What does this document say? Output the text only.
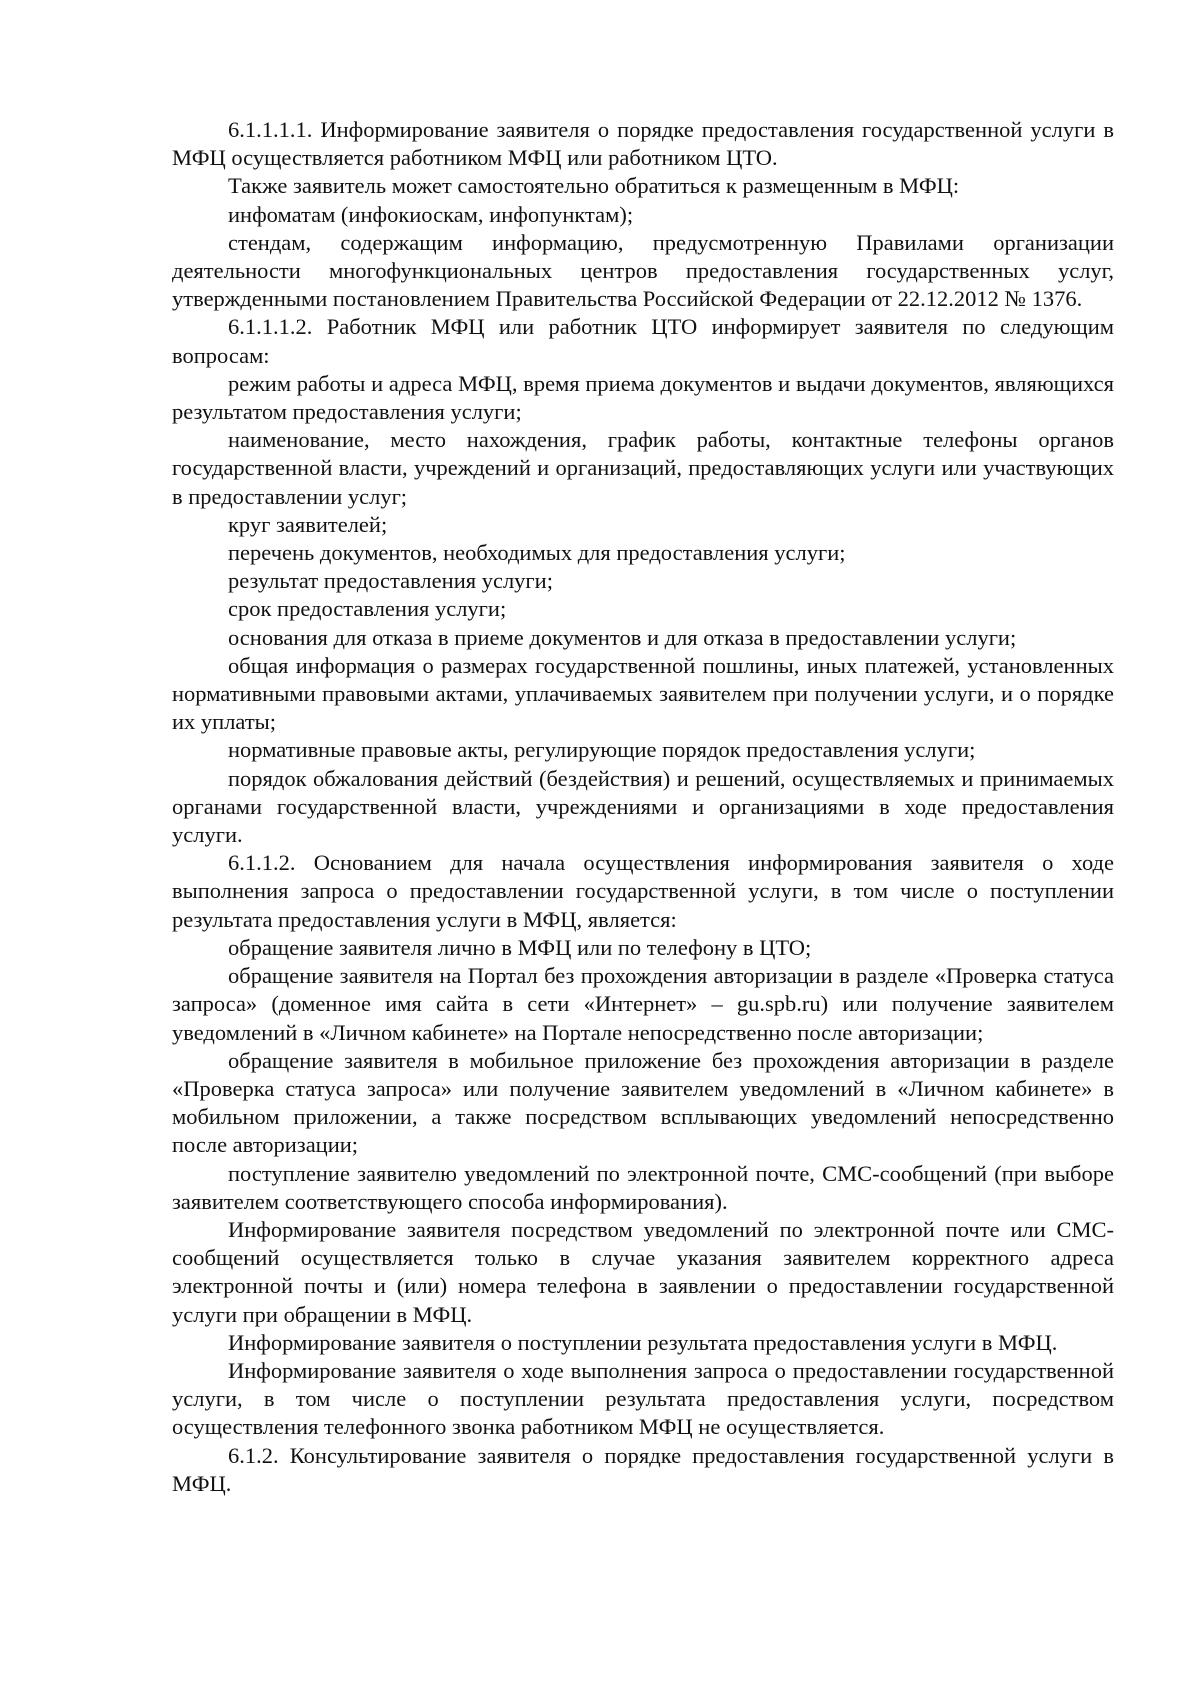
6.1.1.1.1. Информирование заявителя о порядке предоставления государственной услуги в МФЦ осуществляется работником МФЦ или работником ЦТО.

Также заявитель может самостоятельно обратиться к размещенным в МФЦ:

инфоматам (инфокиоскам, инфопунктам);

стендам, содержащим информацию, предусмотренную Правилами организации деятельности многофункциональных центров предоставления государственных услуг, утвержденными постановлением Правительства Российской Федерации от 22.12.2012 № 1376.

6.1.1.1.2. Работник МФЦ или работник ЦТО информирует заявителя по следующим вопросам:

режим работы и адреса МФЦ, время приема документов и выдачи документов, являющихся результатом предоставления услуги;

наименование, место нахождения, график работы, контактные телефоны органов государственной власти, учреждений и организаций, предоставляющих услуги или участвующих в предоставлении услуг;

круг заявителей;

перечень документов, необходимых для предоставления услуги;

результат предоставления услуги;

срок предоставления услуги;

основания для отказа в приеме документов и для отказа в предоставлении услуги;

общая информация о размерах государственной пошлины, иных платежей, установленных нормативными правовыми актами, уплачиваемых заявителем при получении услуги, и о порядке их уплаты;

нормативные правовые акты, регулирующие порядок предоставления услуги;

порядок обжалования действий (бездействия) и решений, осуществляемых и принимаемых органами государственной власти, учреждениями и организациями в ходе предоставления услуги.

6.1.1.2. Основанием для начала осуществления информирования заявителя о ходе выполнения запроса о предоставлении государственной услуги, в том числе о поступлении результата предоставления услуги в МФЦ, является:

обращение заявителя лично в МФЦ или по телефону в ЦТО;

обращение заявителя на Портал без прохождения авторизации в разделе «Проверка статуса запроса» (доменное имя сайта в сети «Интернет» – gu.spb.ru) или получение заявителем уведомлений в «Личном кабинете» на Портале непосредственно после авторизации;

обращение заявителя в мобильное приложение без прохождения авторизации в разделе «Проверка статуса запроса» или получение заявителем уведомлений в «Личном кабинете» в мобильном приложении, а также посредством всплывающих уведомлений непосредственно после авторизации;

поступление заявителю уведомлений по электронной почте, СМС-сообщений (при выборе заявителем соответствующего способа информирования).

Информирование заявителя посредством уведомлений по электронной почте или СМС-сообщений осуществляется только в случае указания заявителем корректного адреса электронной почты и (или) номера телефона в заявлении о предоставлении государственной услуги при обращении в МФЦ.

Информирование заявителя о поступлении результата предоставления услуги в МФЦ.

Информирование заявителя о ходе выполнения запроса о предоставлении государственной услуги, в том числе о поступлении результата предоставления услуги, посредством осуществления телефонного звонка работником МФЦ не осуществляется.

6.1.2. Консультирование заявителя о порядке предоставления государственной услуги в МФЦ.
